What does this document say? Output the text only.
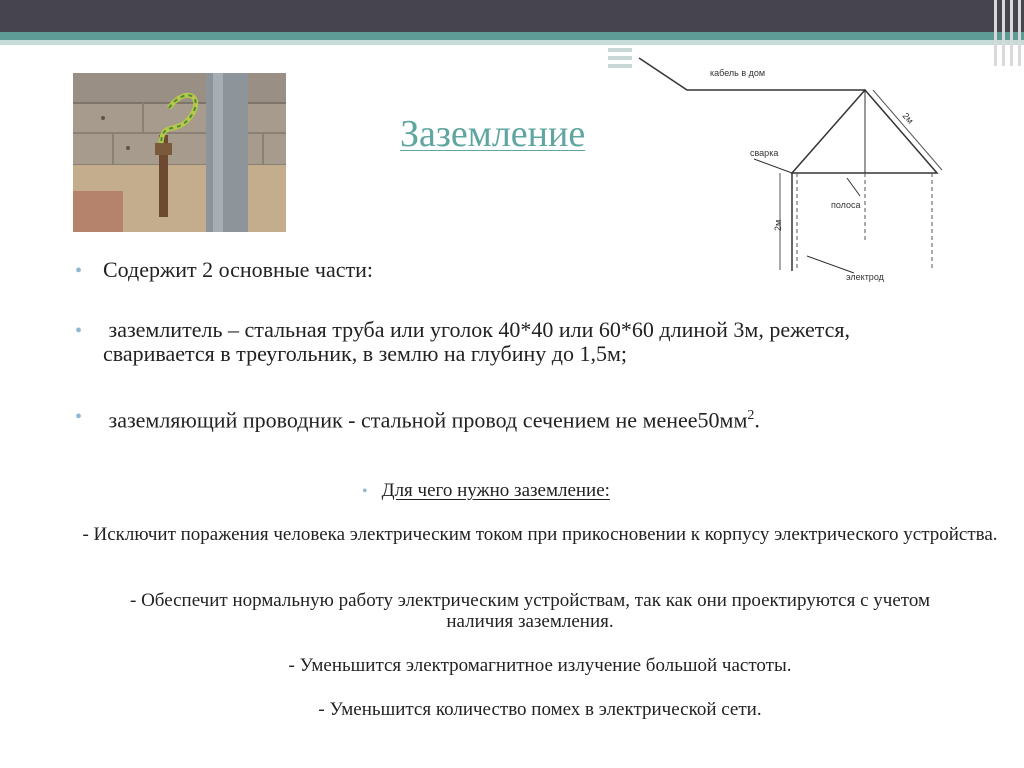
Заземление
кабель в дом
сварка
2м
полоса
2м
электрод
• Содержит 2 основные части:
• заземлитель – стальная труба или уголок 40*40 или 60*60 длиной 3м, режется, сваривается в треугольник, в землю на глубину до 1,5м;
• заземляющий проводник - стальной провод сечением не $менее50мм^2$.
• Для чего нужно заземление:
- Исключит поражения человека электрическим током при прикосновении к корпусу электрического устройства.
- Обеспечит нормальную работу электрическим устройствам, так как они проектируются с учетом наличия заземления.
- Уменьшится электромагнитное излучение большой частоты.
- Уменьшится количество помех в электрической сети.
